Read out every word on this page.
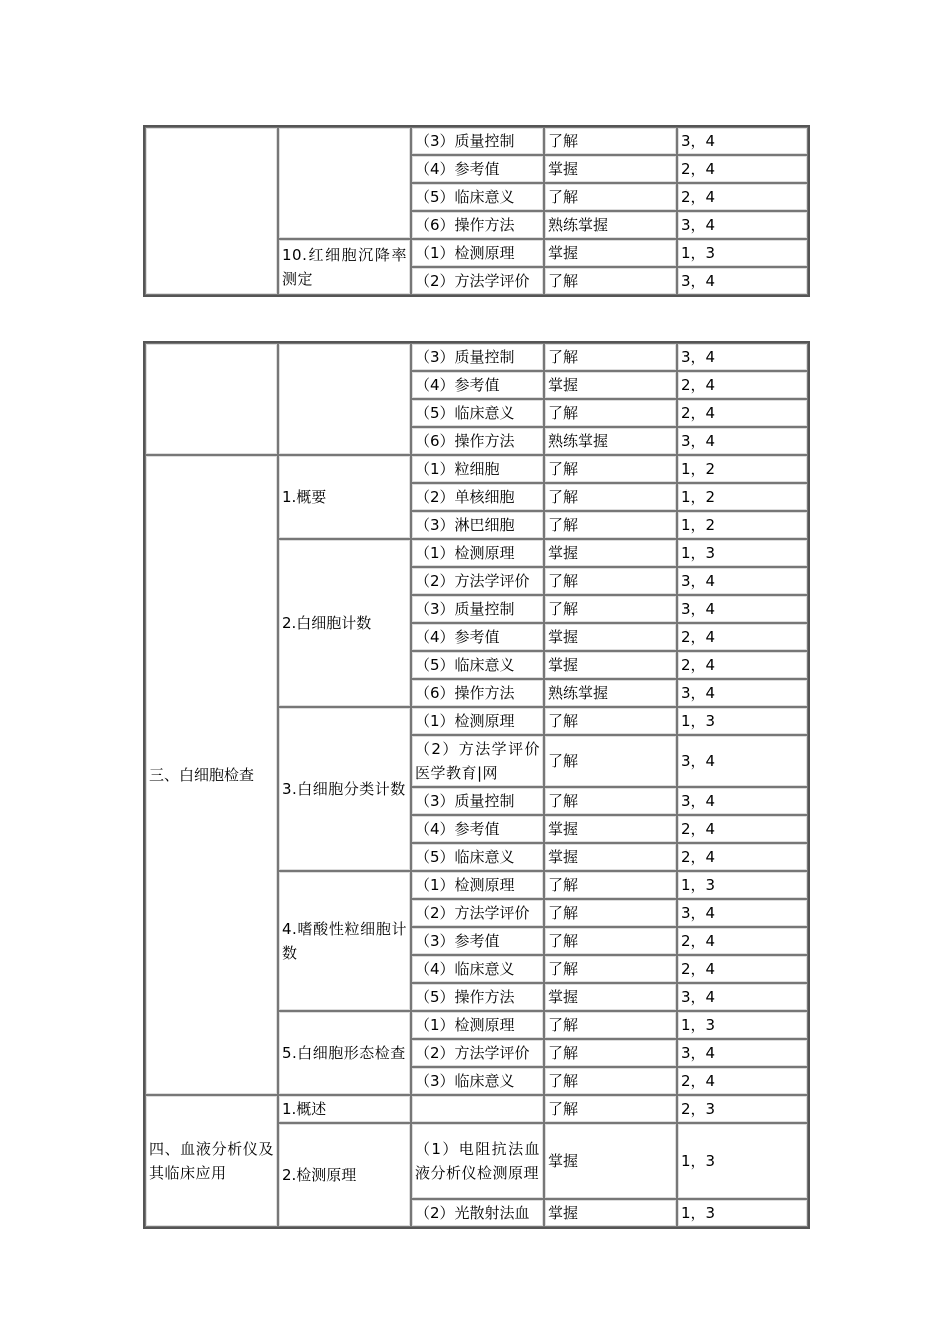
		（3）质量控制	了解	3，4
		（4）参考值	掌握	2，4
		（5）临床意义	了解	2，4
		（6）操作方法	熟练掌握	3，4
	10.红细胞沉降率测定	（1）检测原理	掌握	1，3
		（2）方法学评价	了解	3，4
		（3）质量控制	了解	3，4
		（4）参考值	掌握	2，4
		（5）临床意义	了解	2，4
		（6）操作方法	熟练掌握	3，4
三、白细胞检查	1.概要	（1）粒细胞	了解	1，2
		（2）单核细胞	了解	1，2
		（3）淋巴细胞	了解	1，2
	2.白细胞计数	（1）检测原理	掌握	1，3
		（2）方法学评价	了解	3，4
		（3）质量控制	了解	3，4
		（4）参考值	掌握	2，4
		（5）临床意义	掌握	2，4
		（6）操作方法	熟练掌握	3，4
	3.白细胞分类计数	（1）检测原理	了解	1，3
		（2）方法学评价医学教育|网	了解	3，4
		（3）质量控制	了解	3，4
		（4）参考值	掌握	2，4
		（5）临床意义	掌握	2，4
	4.嗜酸性粒细胞计数	（1）检测原理	了解	1，3
		（2）方法学评价	了解	3，4
		（3）参考值	了解	2，4
		（4）临床意义	了解	2，4
		（5）操作方法	掌握	3，4
	5.白细胞形态检查	（1）检测原理	了解	1，3
		（2）方法学评价	了解	3，4
		（3）临床意义	了解	2，4
四、血液分析仪及其临床应用	1.概述		了解	2，3
	2.检测原理	（1）电阻抗法血液分析仪检测原理	掌握	1，3
		（2）光散射法血	掌握	1，3
